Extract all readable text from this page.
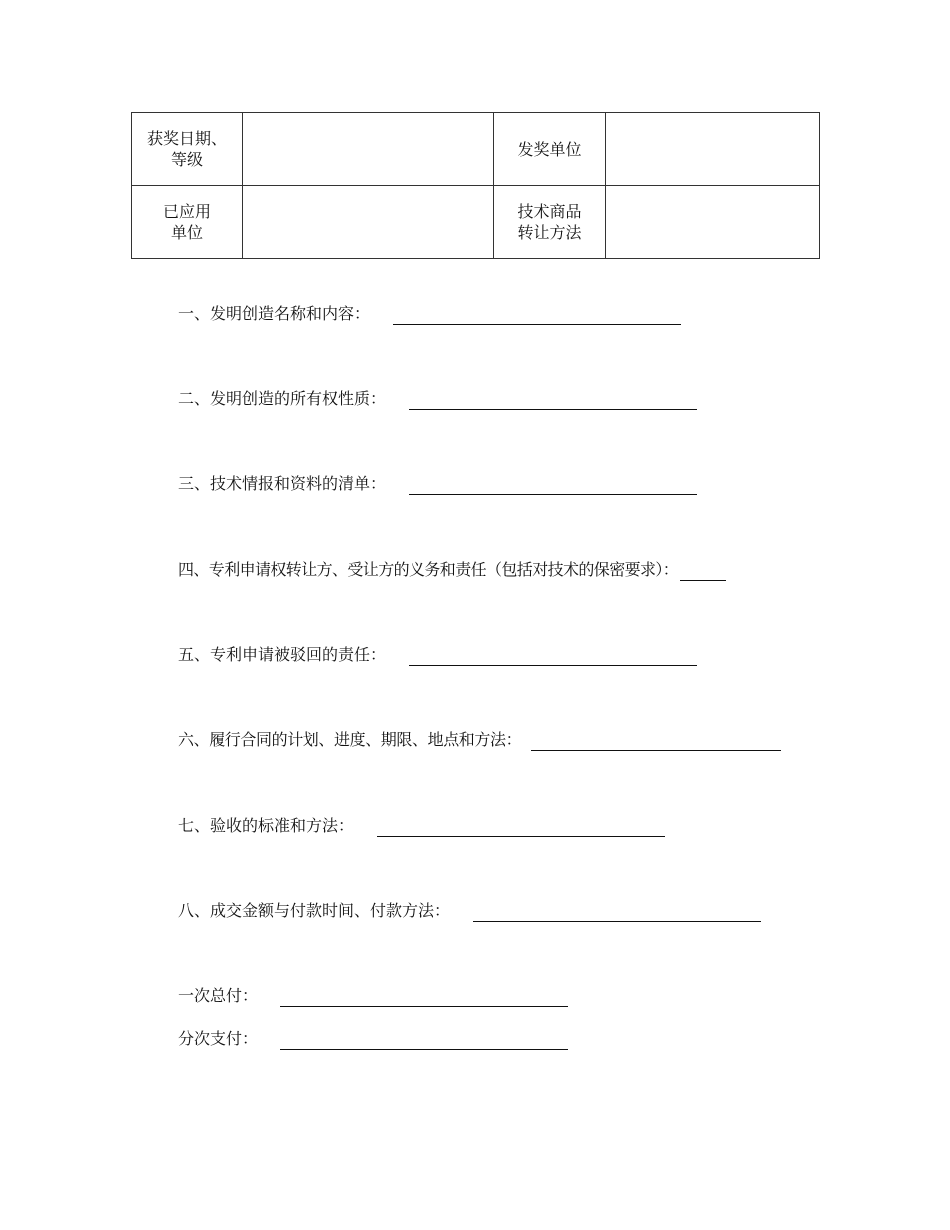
获奖日期、
等级		发奖单位	

已应用
单位		技术商品
转让方法	

一、发明创造名称和内容：
二、发明创造的所有权性质：
三、技术情报和资料的清单：
四、专利申请权转让方、受让方的义务和责任（包括对技术的保密要求）：
五、专利申请被驳回的责任：
六、履行合同的计划、进度、期限、地点和方法：
七、验收的标准和方法：
八、成交金额与付款时间、付款方法：
一次总付：
分次支付：
